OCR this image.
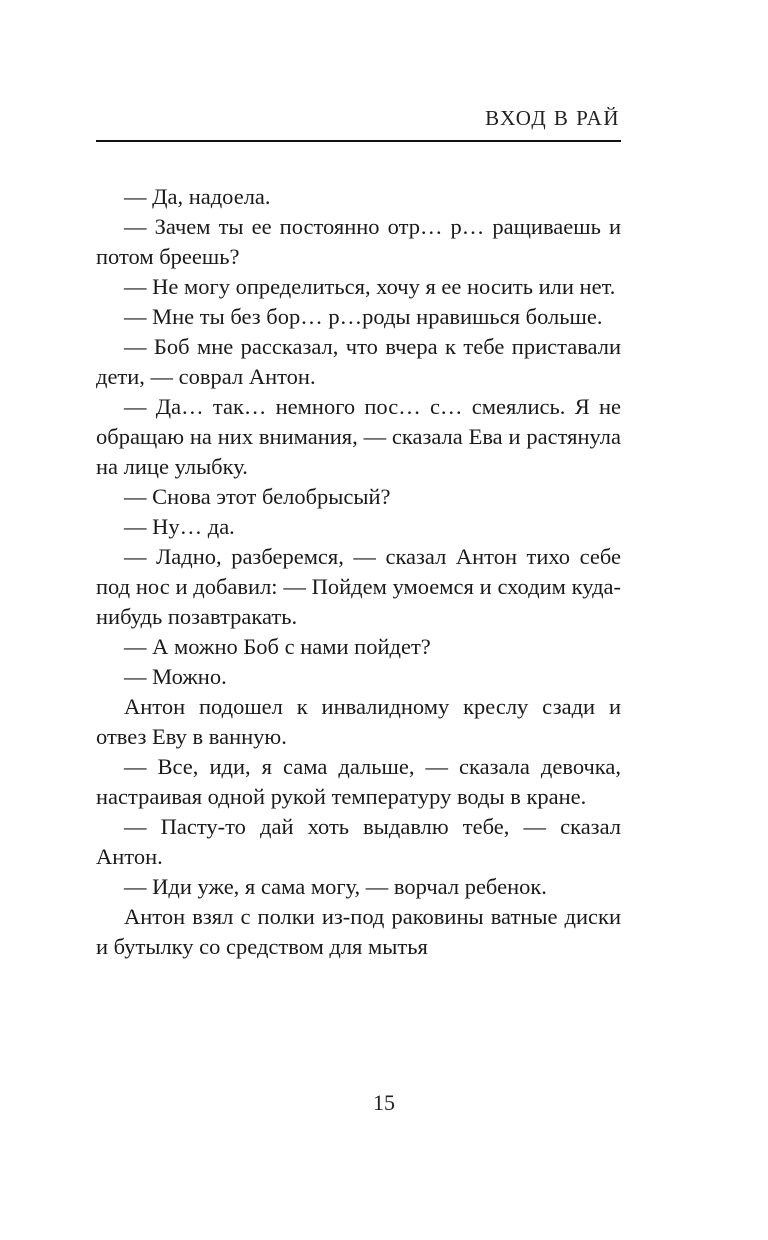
ВХОД В РАЙ

— Да, надоела.

— Зачем ты ее постоянно отр… р… ращиваешь и потом бреешь?

— Не могу определиться, хочу я ее носить или нет.

— Мне ты без бор… р…роды нравишься больше.

— Боб мне рассказал, что вчера к тебе приставали дети, — соврал Антон.

— Да… так… немного пос… с… смеялись. Я не обращаю на них внимания, — сказала Ева и растянула на лице улыбку.

— Снова этот белобрысый?

— Ну… да.

— Ладно, разберемся, — сказал Антон тихо себе под нос и добавил: — Пойдем умоемся и сходим куда-нибудь позавтракать.

— А можно Боб с нами пойдет?

— Можно.

Антон подошел к инвалидному креслу сзади и отвез Еву в ванную.

— Все, иди, я сама дальше, — сказала девочка, настраивая одной рукой температуру воды в кране.

— Пасту-то дай хоть выдавлю тебе, — сказал Антон.

— Иди уже, я сама могу, — ворчал ребенок.

Антон взял с полки из-под раковины ватные диски и бутылку со средством для мытья

15
